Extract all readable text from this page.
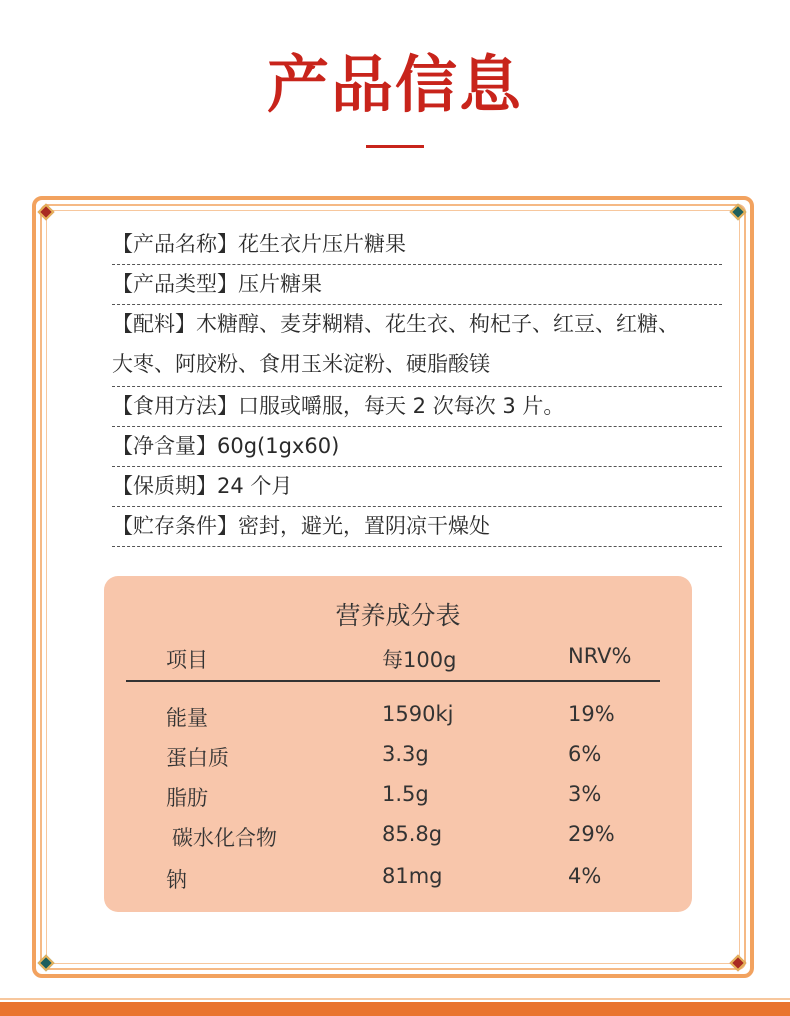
产品信息
【产品名称】花生衣片压片糖果
【产品类型】压片糖果
【配料】木糖醇、麦芽糊精、花生衣、枸杞子、红豆、红糖、
大枣、阿胶粉、食用玉米淀粉、硬脂酸镁
【食用方法】口服或嚼服，每天 2 次每次 3 片。
【净含量】60g(1gx60)
【保质期】24 个月
【贮存条件】密封，避光，置阴凉干燥处
营养成分表
项目	每100g	NRV%
能量	1590kj	19%
蛋白质	3.3g	6%
脂肪	1.5g	3%
碳水化合物	85.8g	29%
钠	81mg	4%
